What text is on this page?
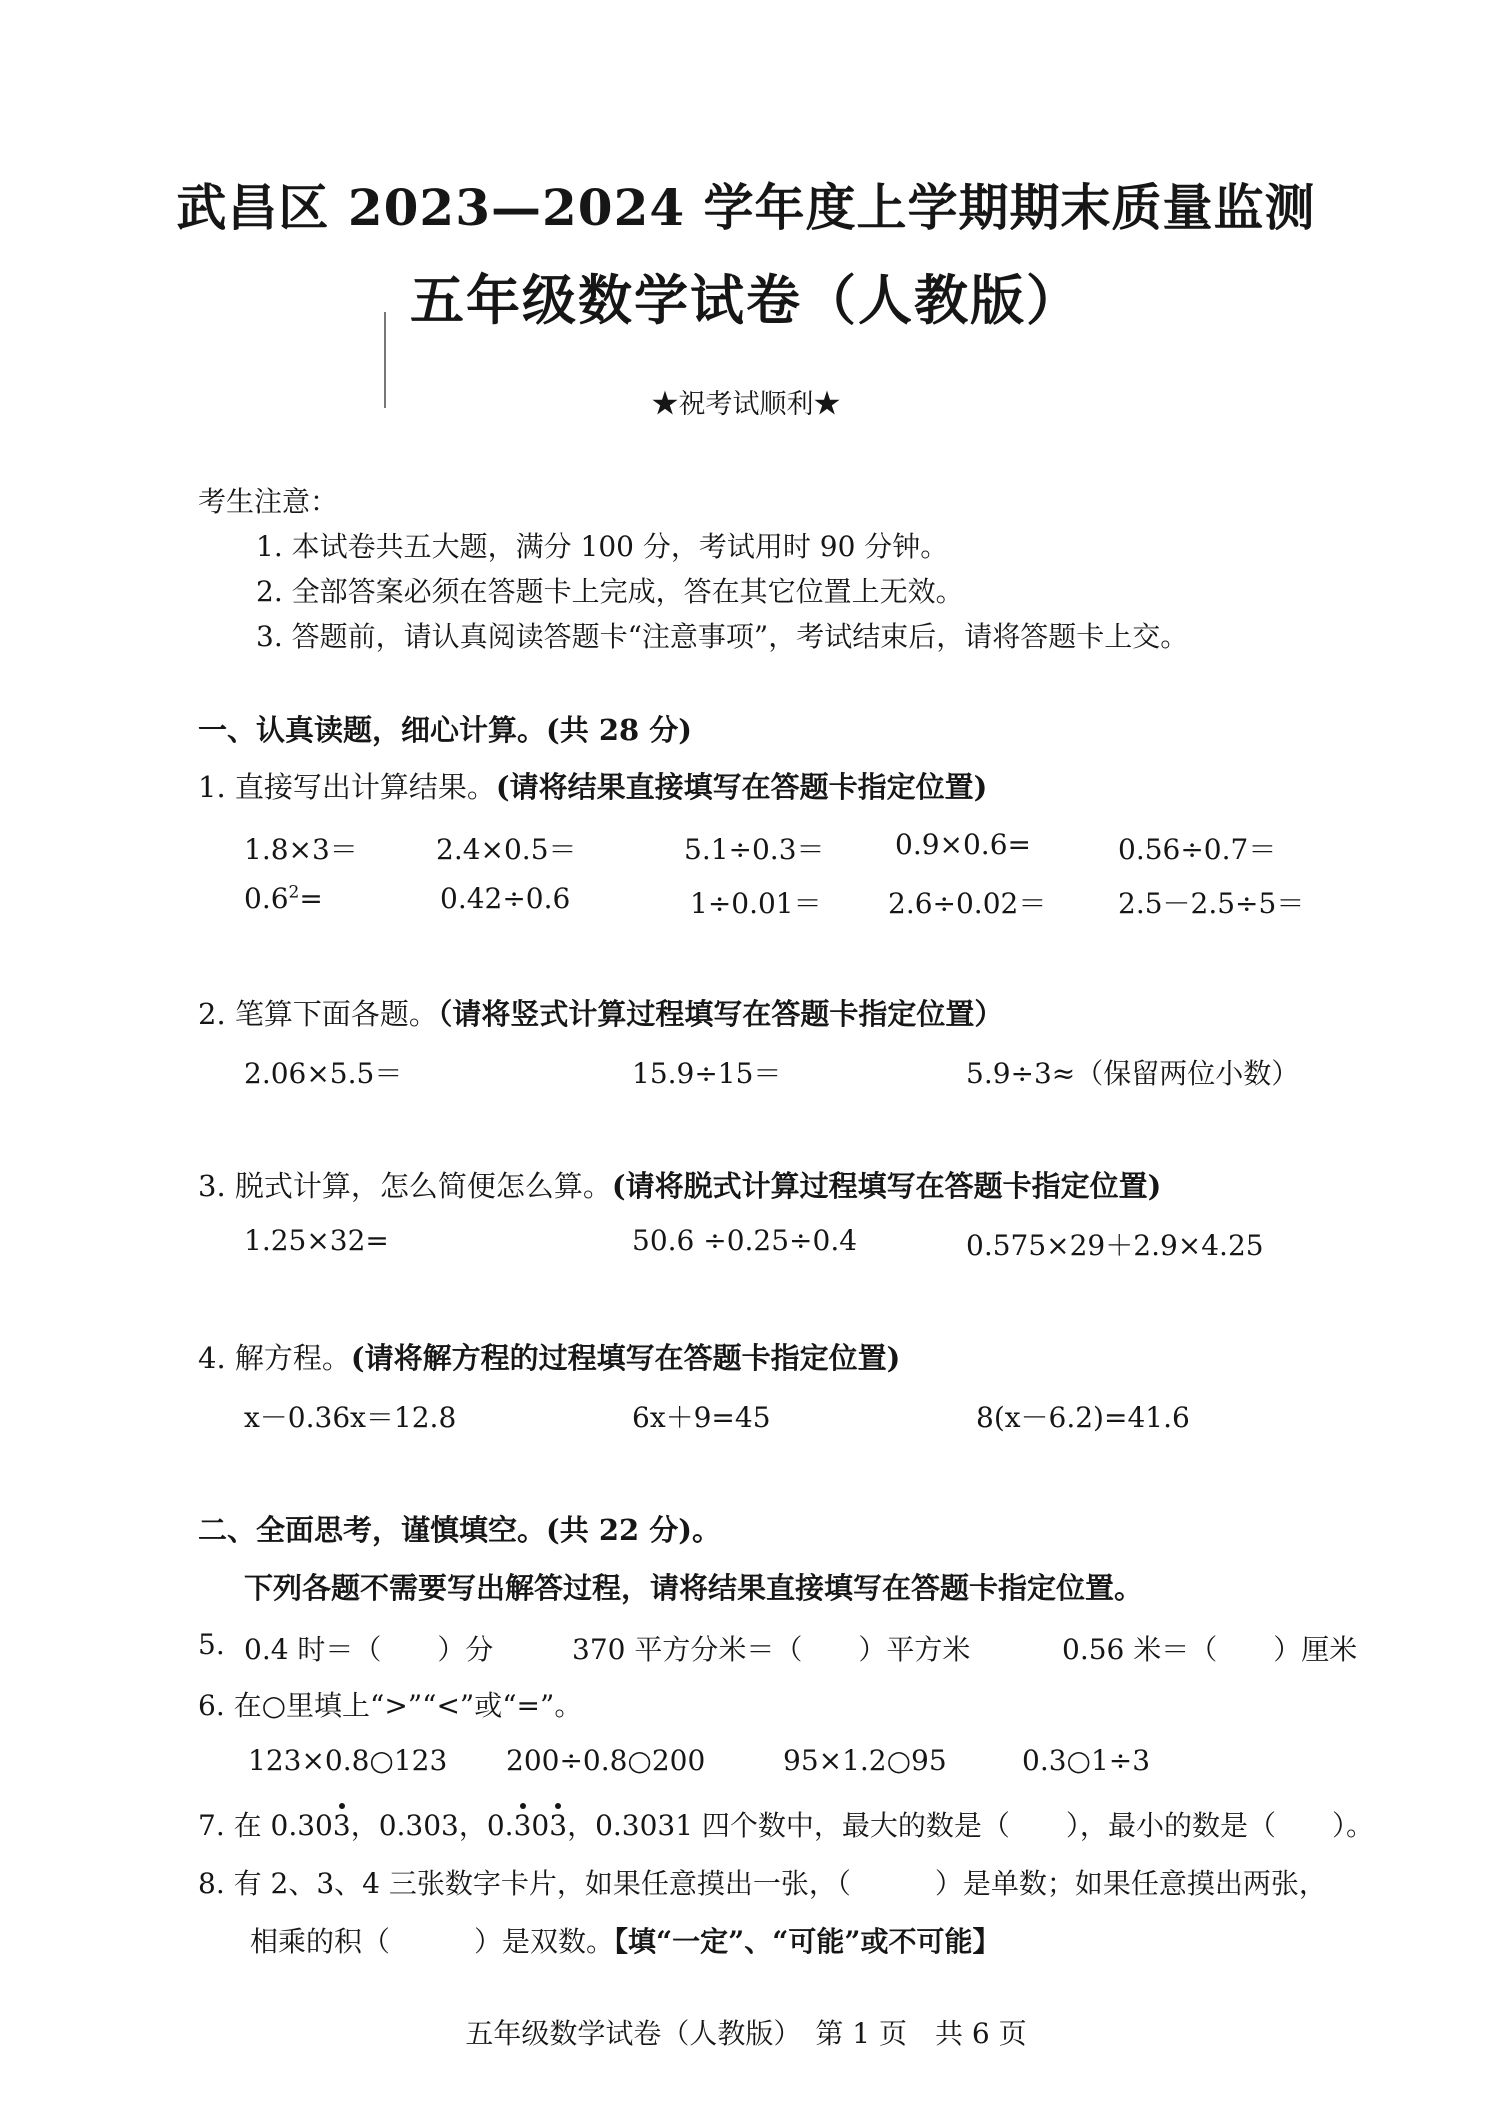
武昌区 2023—2024 学年度上学期期末质量监测
五年级数学试卷（人教版）
★祝考试顺利★
考生注意：
1. 本试卷共五大题，满分 100 分，考试用时 90 分钟。
2. 全部答案必须在答题卡上完成，答在其它位置上无效。
3. 答题前，请认真阅读答题卡“注意事项”，考试结束后，请将答题卡上交。
一、认真读题，细心计算。(共 28 分)
1. 直接写出计算结果。(请将结果直接填写在答题卡指定位置)
1.8×3＝	2.4×0.5＝	5.1÷0.3＝	0.9×0.6=	0.56÷0.7＝
$0.6^2=$	0.42÷0.6	1÷0.01＝ 2.6÷0.02＝	2.5－2.5÷5＝
2. 笔算下面各题。（请将竖式计算过程填写在答题卡指定位置）
2.06×5.5＝	15.9÷15＝	5.9÷3≈（保留两位小数）
3. 脱式计算，怎么简便怎么算。(请将脱式计算过程填写在答题卡指定位置)
1.25×32=	50.6 ÷0.25÷0.4	0.575×29＋2.9×4.25
4. 解方程。(请将解方程的过程填写在答题卡指定位置)
x－0.36x＝12.8	6x＋9=45	8(x－6.2)=41.6
二、全面思考，谨慎填空。(共 22 分)。
下列各题不需要写出解答过程，请将结果直接填写在答题卡指定位置。
5. 0.4 时＝（　　）分	370 平方分米＝（　　）平方米	0.56 米＝（　　）厘米
6. 在○里填上“>”“<”或“=”。
123×0.8○123 200÷0.8○200	95×1.2○95	0.3○1÷3
7. 在 0.30
3，0.303，0.
30
3，0.3031 四个数中，最大的数是（　　），最小的数是（　　）。
8. 有 2、3、4 三张数字卡片，如果任意摸出一张，（　　　）是单数；如果任意摸出两张，
相乘的积（　　　）是双数。【填“一定”、“可能”或不可能】
五年级数学试卷（人教版）　第 1 页　共 6 页
